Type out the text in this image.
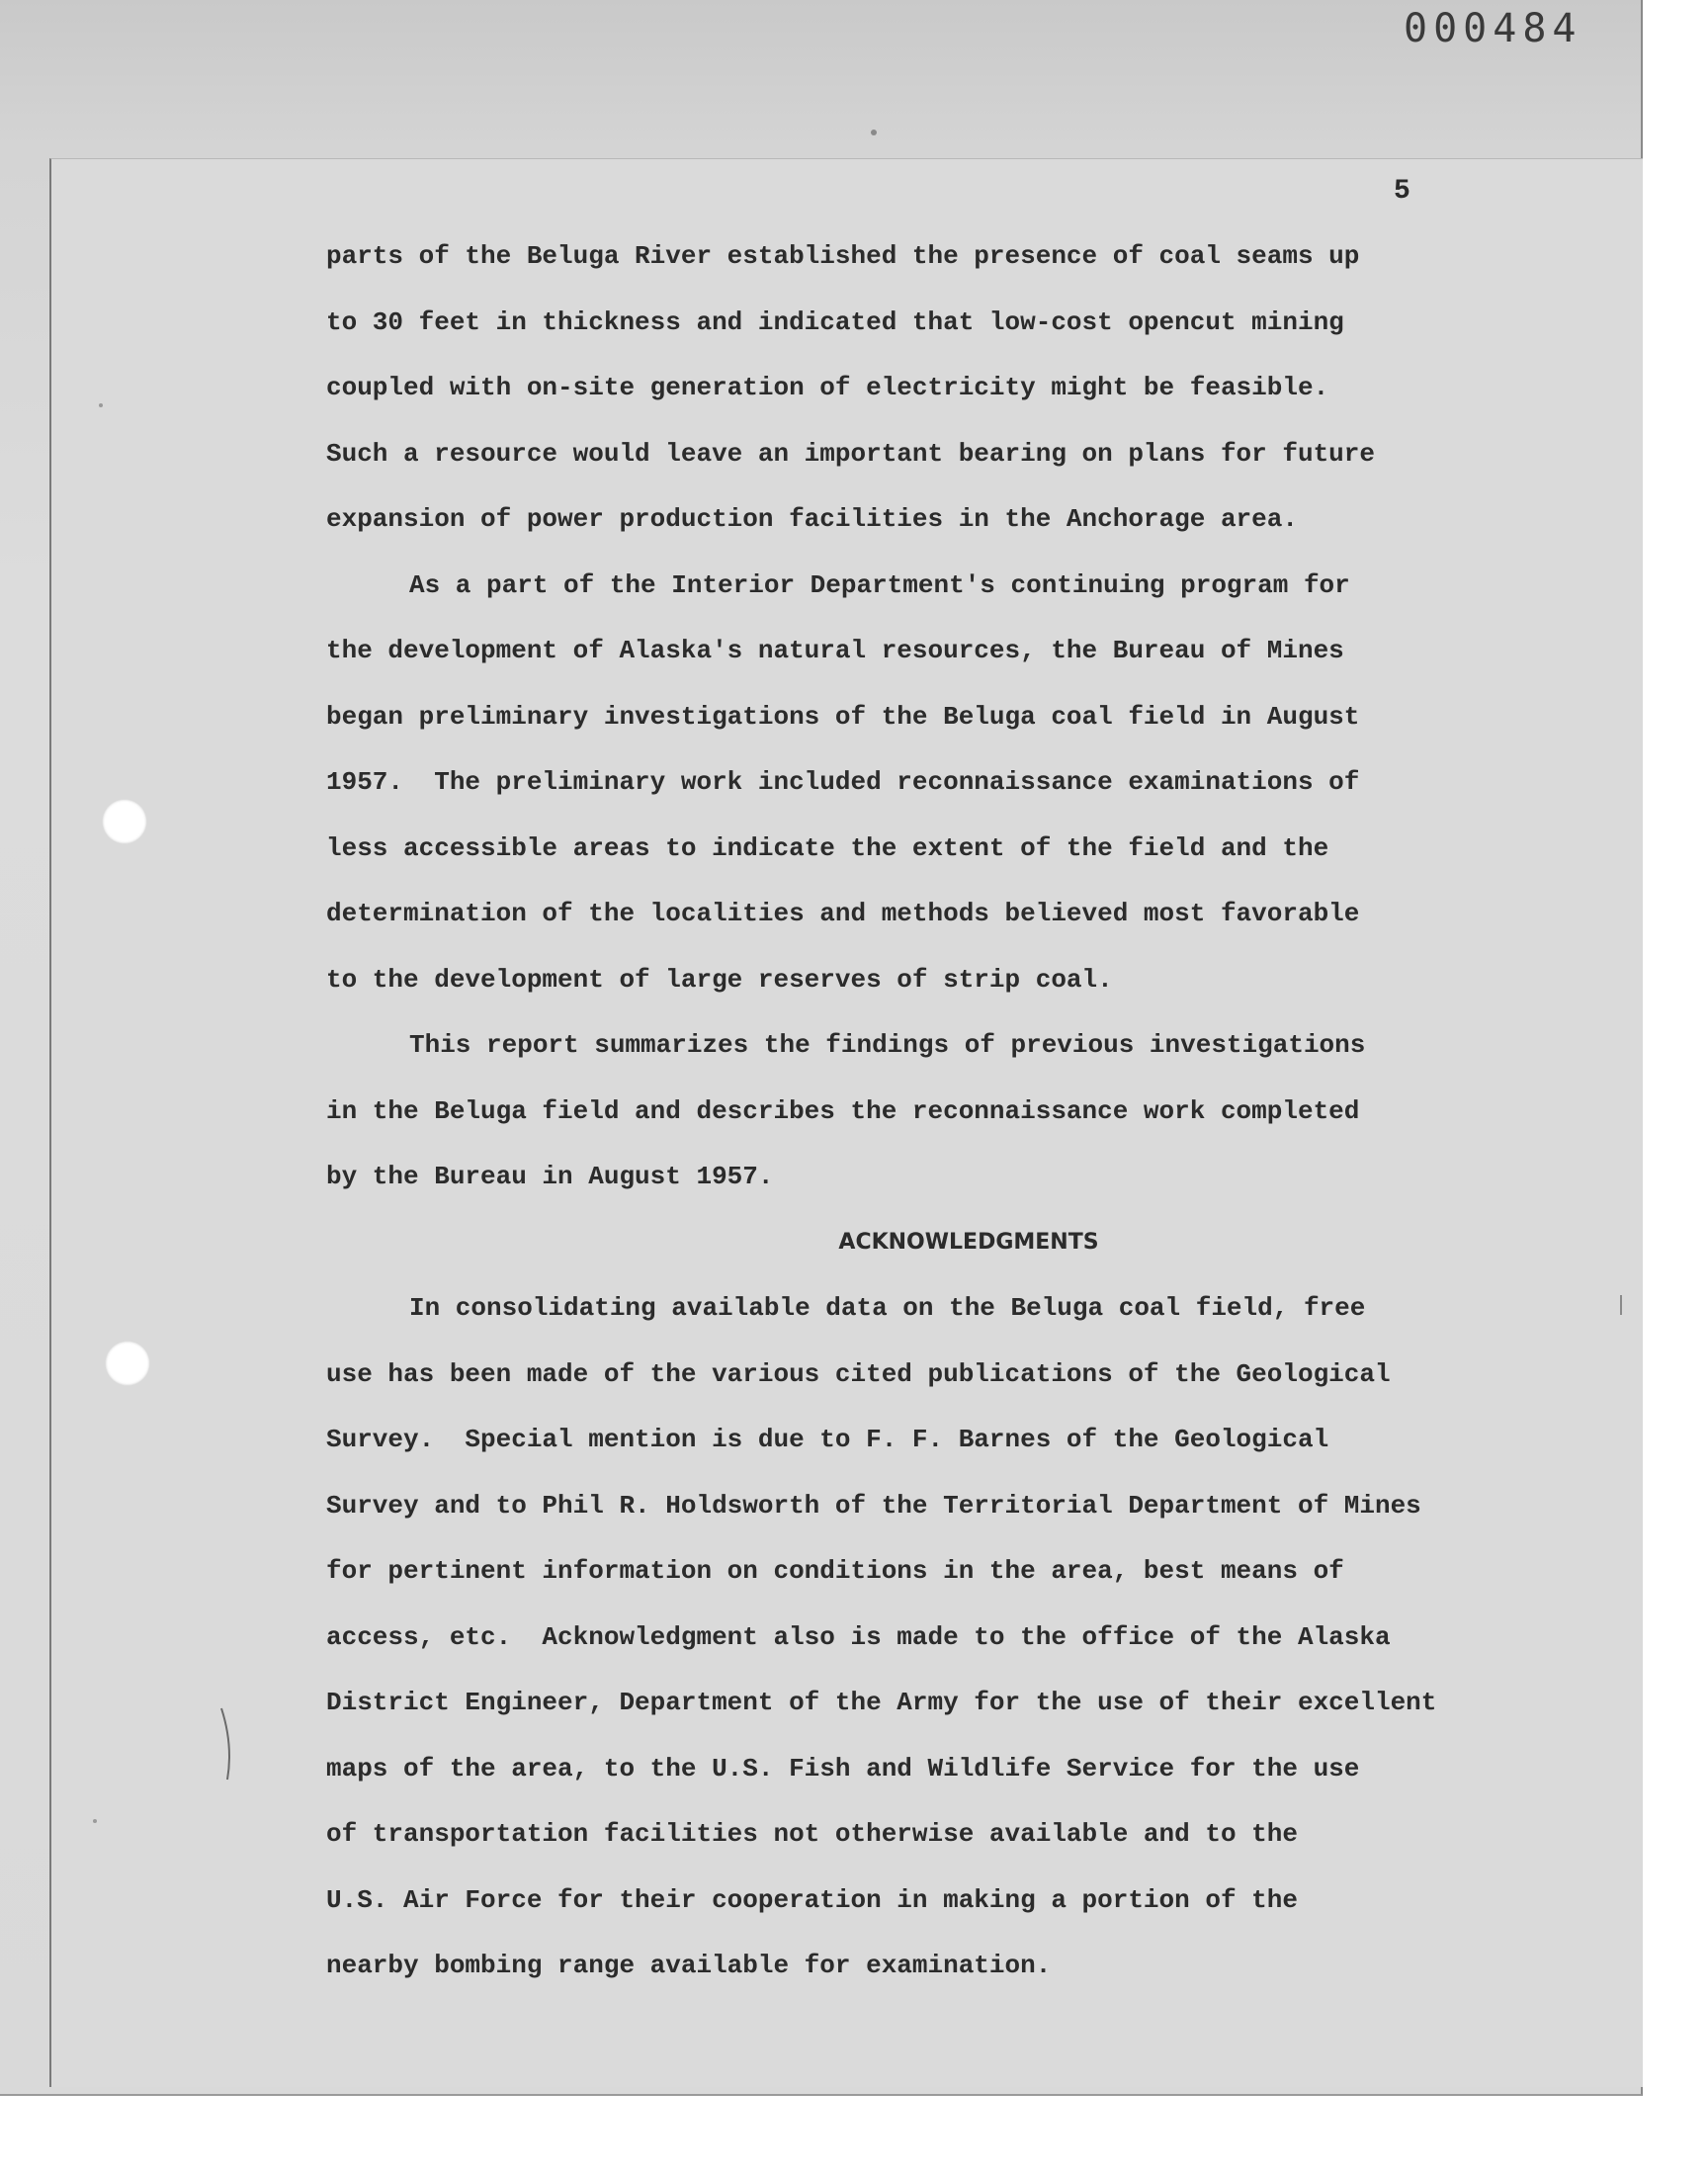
000484
5
parts of the Beluga River established the presence of coal seams up
to 30 feet in thickness and indicated that low-cost opencut mining
coupled with on-site generation of electricity might be feasible.
Such a resource would leave an important bearing on plans for future
expansion of power production facilities in the Anchorage area.
As a part of the Interior Department's continuing program for
the development of Alaska's natural resources, the Bureau of Mines
began preliminary investigations of the Beluga coal field in August
1957.  The preliminary work included reconnaissance examinations of
less accessible areas to indicate the extent of the field and the
determination of the localities and methods believed most favorable
to the development of large reserves of strip coal.
This report summarizes the findings of previous investigations
in the Beluga field and describes the reconnaissance work completed
by the Bureau in August 1957.
ACKNOWLEDGMENTS
In consolidating available data on the Beluga coal field, free
use has been made of the various cited publications of the Geological
Survey.  Special mention is due to F. F. Barnes of the Geological
Survey and to Phil R. Holdsworth of the Territorial Department of Mines
for pertinent information on conditions in the area, best means of
access, etc.  Acknowledgment also is made to the office of the Alaska
District Engineer, Department of the Army for the use of their excellent
maps of the area, to the U.S. Fish and Wildlife Service for the use
of transportation facilities not otherwise available and to the
U.S. Air Force for their cooperation in making a portion of the
nearby bombing range available for examination.
